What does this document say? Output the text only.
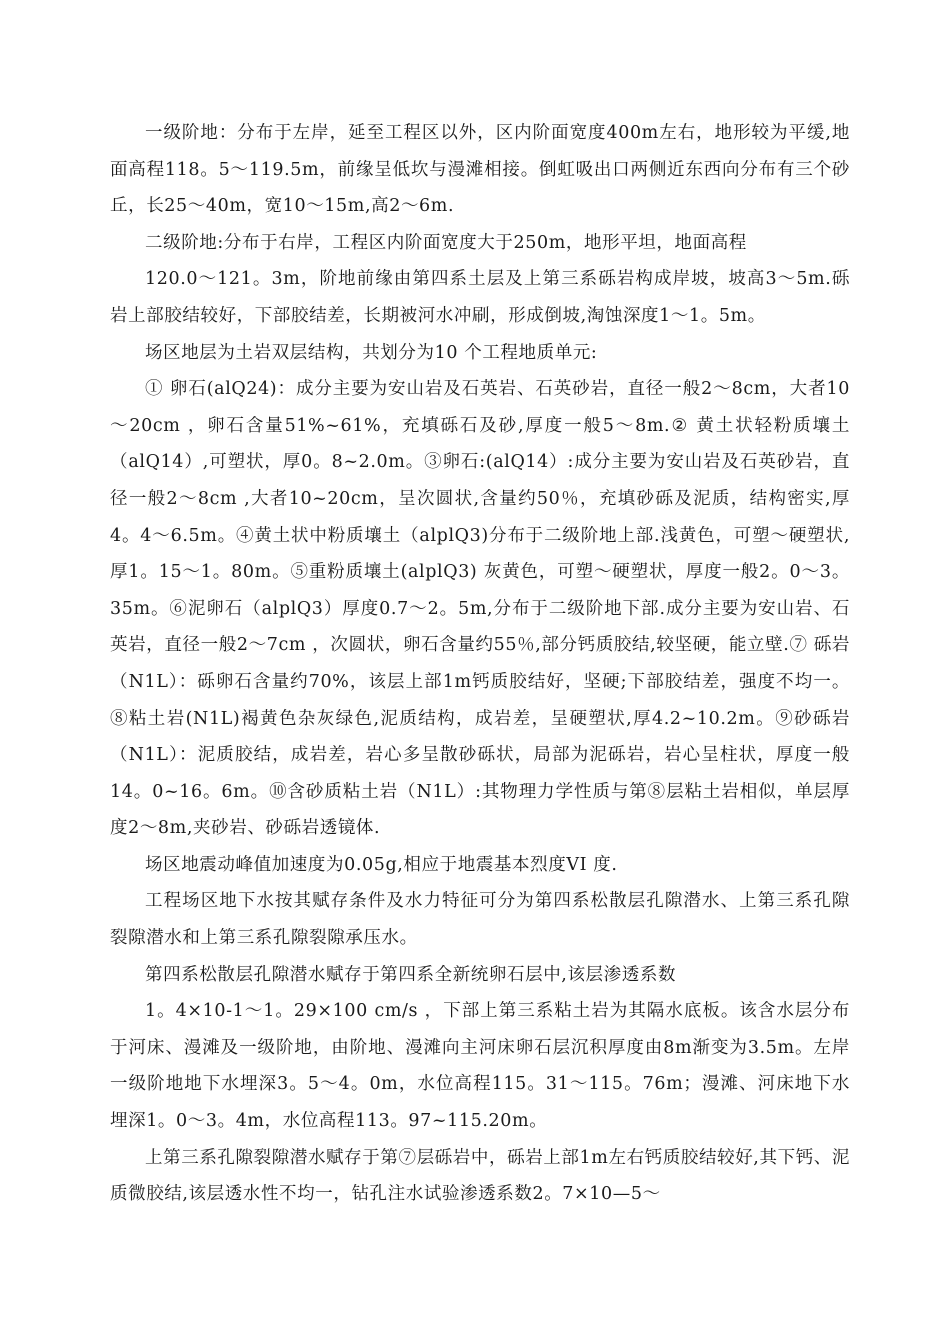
一级阶地：分布于左岸，延至工程区以外，区内阶面宽度400m左右，地形较为平缓,地面高程118。5～119.5m，前缘呈低坎与漫滩相接。倒虹吸出口两侧近东西向分布有三个砂丘，长25～40m，宽10～15m,高2～6m.

二级阶地:分布于右岸，工程区内阶面宽度大于250m，地形平坦，地面高程

120.0～121。3m，阶地前缘由第四系土层及上第三系砾岩构成岸坡，坡高3～5m.砾岩上部胶结较好，下部胶结差，长期被河水冲刷，形成倒坡,淘蚀深度1～1。5m。

场区地层为土岩双层结构，共划分为10 个工程地质单元:

① 卵石(alQ24)：成分主要为安山岩及石英岩、石英砂岩，直径一般2～8cm，大者10～20cm ，卵石含量51%~61%，充填砾石及砂,厚度一般5～8m.② 黄土状轻粉质壤土（alQ14）,可塑状，厚0。8~2.0m。③卵石:(alQ14）:成分主要为安山岩及石英砂岩，直径一般2～8cm ,大者10~20cm，呈次圆状,含量约50％，充填砂砾及泥质，结构密实,厚4。4～6.5m。④黄土状中粉质壤土（alplQ3)分布于二级阶地上部.浅黄色，可塑～硬塑状,厚1。15～1。80m。⑤重粉质壤土(alplQ3) 灰黄色，可塑～硬塑状，厚度一般2。0～3。35m。⑥泥卵石（alplQ3）厚度0.7～2。5m,分布于二级阶地下部.成分主要为安山岩、石英岩，直径一般2～7cm ，次圆状，卵石含量约55％,部分钙质胶结,较坚硬，能立壁.⑦ 砾岩（N1L）：砾卵石含量约70%，该层上部1m钙质胶结好，坚硬;下部胶结差，强度不均一。⑧粘土岩(N1L)褐黄色杂灰绿色,泥质结构，成岩差，呈硬塑状,厚4.2~10.2m。⑨砂砾岩（N1L）：泥质胶结，成岩差，岩心多呈散砂砾状，局部为泥砾岩，岩心呈柱状，厚度一般14。0~16。6m。⑩含砂质粘土岩（N1L）:其物理力学性质与第⑧层粘土岩相似，单层厚度2～8m,夹砂岩、砂砾岩透镜体.

场区地震动峰值加速度为0.05g,相应于地震基本烈度VI 度.

工程场区地下水按其赋存条件及水力特征可分为第四系松散层孔隙潜水、上第三系孔隙裂隙潜水和上第三系孔隙裂隙承压水。

第四系松散层孔隙潜水赋存于第四系全新统卵石层中,该层渗透系数

1。4×10-1～1。29×100 cm/s ，下部上第三系粘土岩为其隔水底板。该含水层分布于河床、漫滩及一级阶地，由阶地、漫滩向主河床卵石层沉积厚度由8m渐变为3.5m。左岸一级阶地地下水埋深3。5～4。0m，水位高程115。31～115。76m；漫滩、河床地下水埋深1。0～3。4m，水位高程113。97~115.20m。

上第三系孔隙裂隙潜水赋存于第⑦层砾岩中，砾岩上部1m左右钙质胶结较好,其下钙、泥质微胶结,该层透水性不均一，钻孔注水试验渗透系数2。7×10—5～
